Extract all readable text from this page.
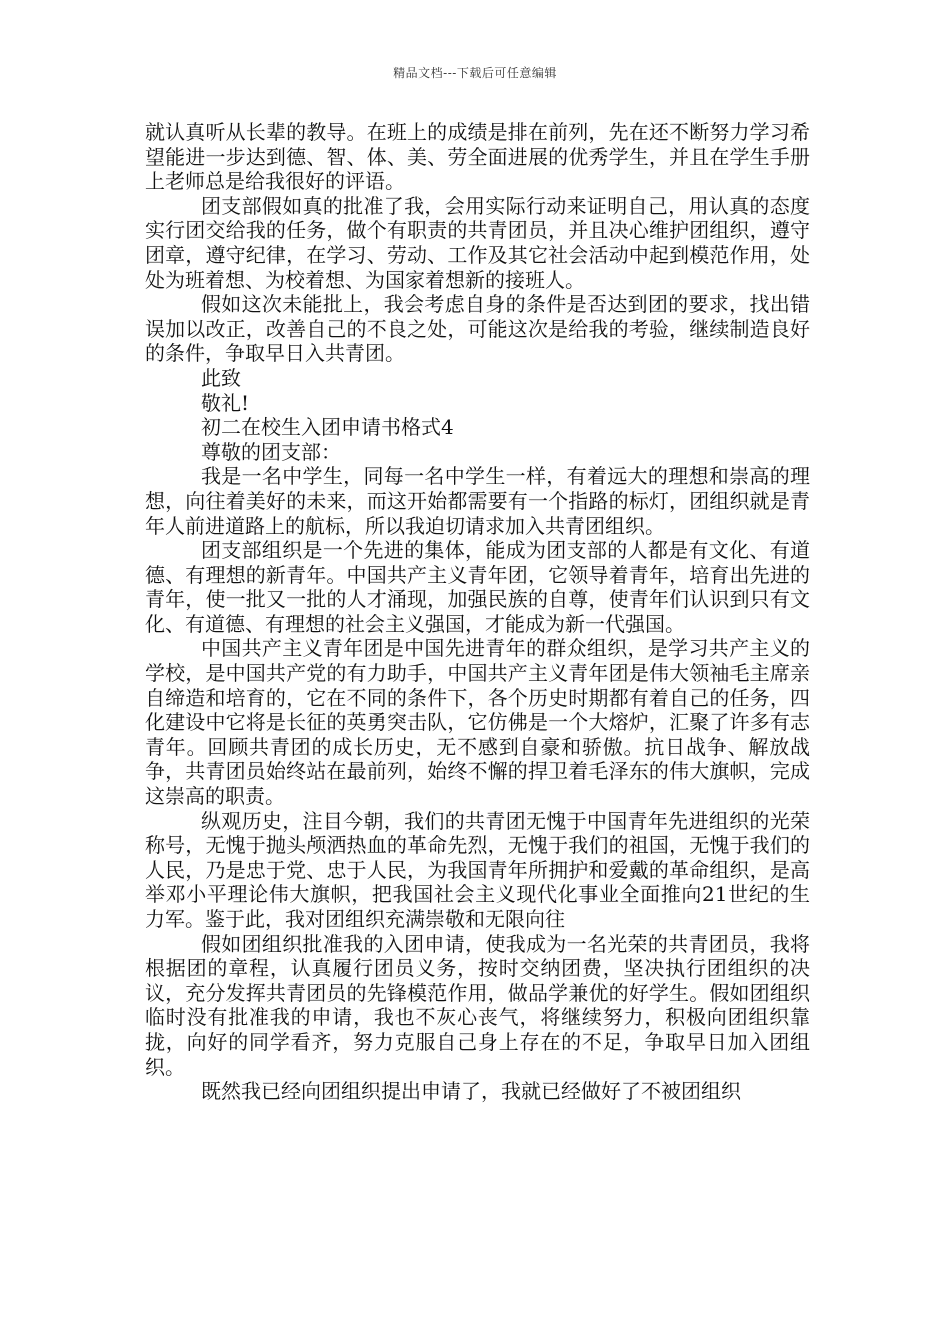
精品文档---下载后可任意编辑

就认真听从长辈的教导。在班上的成绩是排在前列，先在还不断努力学习希望能进一步达到德、智、体、美、劳全面进展的优秀学生，并且在学生手册上老师总是给我很好的评语。

团支部假如真的批准了我，会用实际行动来证明自己，用认真的态度实行团交给我的任务，做个有职责的共青团员，并且决心维护团组织，遵守团章，遵守纪律，在学习、劳动、工作及其它社会活动中起到模范作用，处处为班着想、为校着想、为国家着想新的接班人。

假如这次未能批上，我会考虑自身的条件是否达到团的要求，找出错误加以改正，改善自己的不良之处，可能这次是给我的考验，继续制造良好的条件，争取早日入共青团。

此致

敬礼!

初二在校生入团申请书格式4

尊敬的团支部：

我是一名中学生，同每一名中学生一样，有着远大的理想和崇高的理想，向往着美好的未来，而这开始都需要有一个指路的标灯，团组织就是青年人前进道路上的航标，所以我迫切请求加入共青团组织。

团支部组织是一个先进的集体，能成为团支部的人都是有文化、有道德、有理想的新青年。中国共产主义青年团，它领导着青年，培育出先进的青年，使一批又一批的人才涌现，加强民族的自尊，使青年们认识到只有文化、有道德、有理想的社会主义强国，才能成为新一代强国。

中国共产主义青年团是中国先进青年的群众组织，是学习共产主义的学校，是中国共产党的有力助手，中国共产主义青年团是伟大领袖毛主席亲自缔造和培育的，它在不同的条件下，各个历史时期都有着自己的任务，四化建设中它将是长征的英勇突击队，它仿佛是一个大熔炉，汇聚了许多有志青年。回顾共青团的成长历史，无不感到自豪和骄傲。抗日战争、解放战争，共青团员始终站在最前列，始终不懈的捍卫着毛泽东的伟大旗帜，完成这崇高的职责。

纵观历史，注目今朝，我们的共青团无愧于中国青年先进组织的光荣称号，无愧于抛头颅洒热血的革命先烈，无愧于我们的祖国，无愧于我们的人民，乃是忠于党、忠于人民，为我国青年所拥护和爱戴的革命组织，是高举邓小平理论伟大旗帜，把我国社会主义现代化事业全面推向21世纪的生力军。鉴于此，我对团组织充满崇敬和无限向往

假如团组织批准我的入团申请，使我成为一名光荣的共青团员，我将根据团的章程，认真履行团员义务，按时交纳团费，坚决执行团组织的决议，充分发挥共青团员的先锋模范作用，做品学兼优的好学生。假如团组织临时没有批准我的申请，我也不灰心丧气，将继续努力，积极向团组织靠拢，向好的同学看齐，努力克服自己身上存在的不足，争取早日加入团组织。

既然我已经向团组织提出申请了，我就已经做好了不被团组织
